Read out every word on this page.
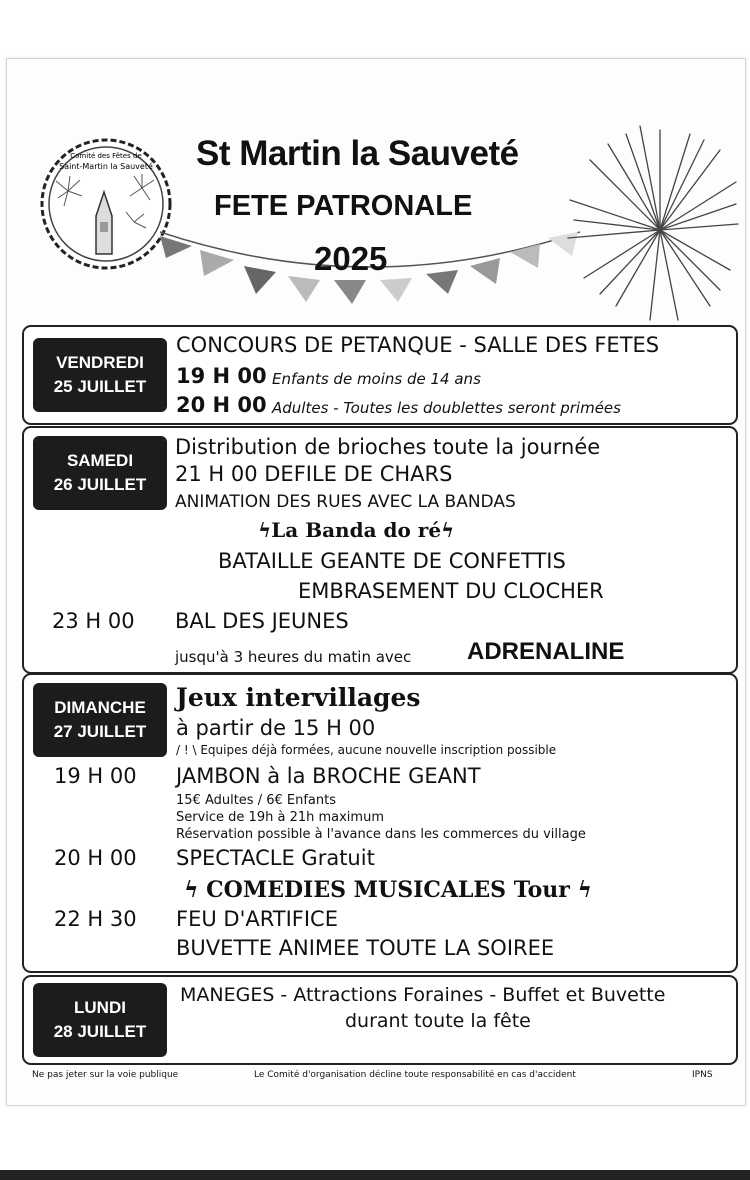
Comité des Fêtes de
Saint-Martin la Sauveté St Martin la Sauveté
FETE PATRONALE
2025
VENDREDI
25 JUILLET
CONCOURS DE PETANQUE - SALLE DES FETES
19 H 00 Enfants de moins de 14 ans
20 H 00 Adultes - Toutes les doublettes seront primées
SAMEDI
26 JUILLET
Distribution de brioches toute la journée
21 H 00 DEFILE DE CHARS
ANIMATION DES RUES AVEC LA BANDAS
ϟLa Banda do réϟ
BATAILLE GEANTE DE CONFETTIS
EMBRASEMENT DU CLOCHER
23 H 00 BAL DES JEUNES
jusqu'à 3 heures du matin avec ADRENALINE
DIMANCHE
27 JUILLET
Jeux intervillages
à partir de 15 H 00
/ ! \ Equipes déjà formées, aucune nouvelle inscription possible
19 H 00 JAMBON à la BROCHE GEANT
15€ Adultes / 6€ Enfants
Service de 19h à 21h maximum
Réservation possible à l'avance dans les commerces du village
20 H 00 SPECTACLE Gratuit
ϟ COMEDIES MUSICALES Tour ϟ
22 H 30 FEU D'ARTIFICE
BUVETTE ANIMEE TOUTE LA SOIREE
LUNDI
28 JUILLET
MANEGES - Attractions Foraines - Buffet et Buvette
durant toute la fête
Ne pas jeter sur la voie publique	Le Comité d'organisation décline toute responsabilité en cas d'accident	IPNS
